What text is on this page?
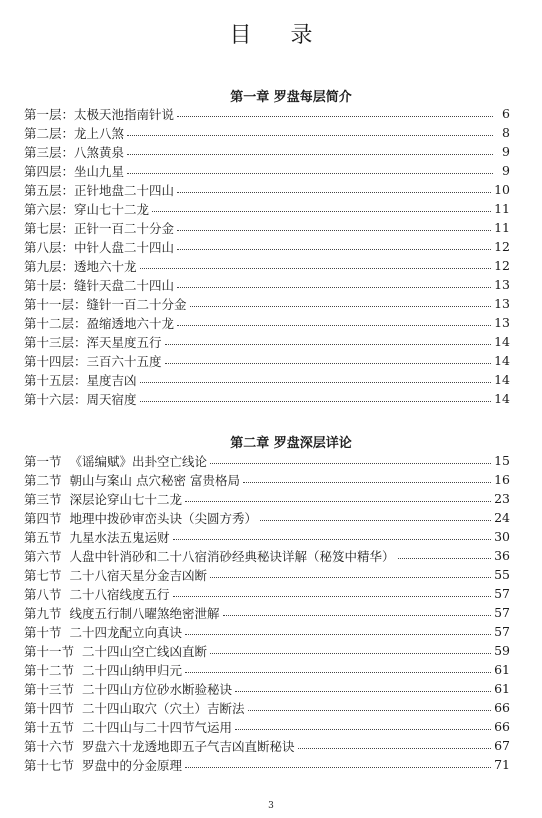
目 录
第一章 罗盘每层简介
第一层： 太极天池指南针说	6
第二层： 龙上八煞	8
第三层： 八煞黄泉	9
第四层： 坐山九星	9
第五层： 正针地盘二十四山	10
第六层： 穿山七十二龙	11
第七层： 正针一百二十分金	11
第八层： 中针人盘二十四山	12
第九层： 透地六十龙	12
第十层： 缝针天盘二十四山	13
第十一层： 缝针一百二十分金	13
第十二层： 盈缩透地六十龙	13
第十三层： 浑天星度五行	14
第十四层： 三百六十五度	14
第十五层： 星度吉凶	14
第十六层： 周天宿度	14
第二章 罗盘深层详论
第一节 《谣编赋》出卦空亡线论	15
第二节 朝山与案山 点穴秘密 富贵格局	16
第三节 深层论穿山七十二龙	23
第四节 地理中拨砂审峦头诀（尖圆方秀）	24
第五节 九星水法五鬼运财	30
第六节 人盘中针消砂和二十八宿消砂经典秘诀详解（秘笈中精华）	36
第七节 二十八宿天星分金吉凶断	55
第八节 二十八宿线度五行	57
第九节 线度五行制八曜煞绝密泄解	57
第十节 二十四龙配立向真诀	57
第十一节 二十四山空亡线凶直断	59
第十二节 二十四山纳甲归元	61
第十三节 二十四山方位砂水断验秘诀	61
第十四节 二十四山取穴（穴土）吉断法	66
第十五节 二十四山与二十四节气运用	66
第十六节 罗盘六十龙透地即五子气吉凶直断秘诀	67
第十七节 罗盘中的分金原理	71
3
